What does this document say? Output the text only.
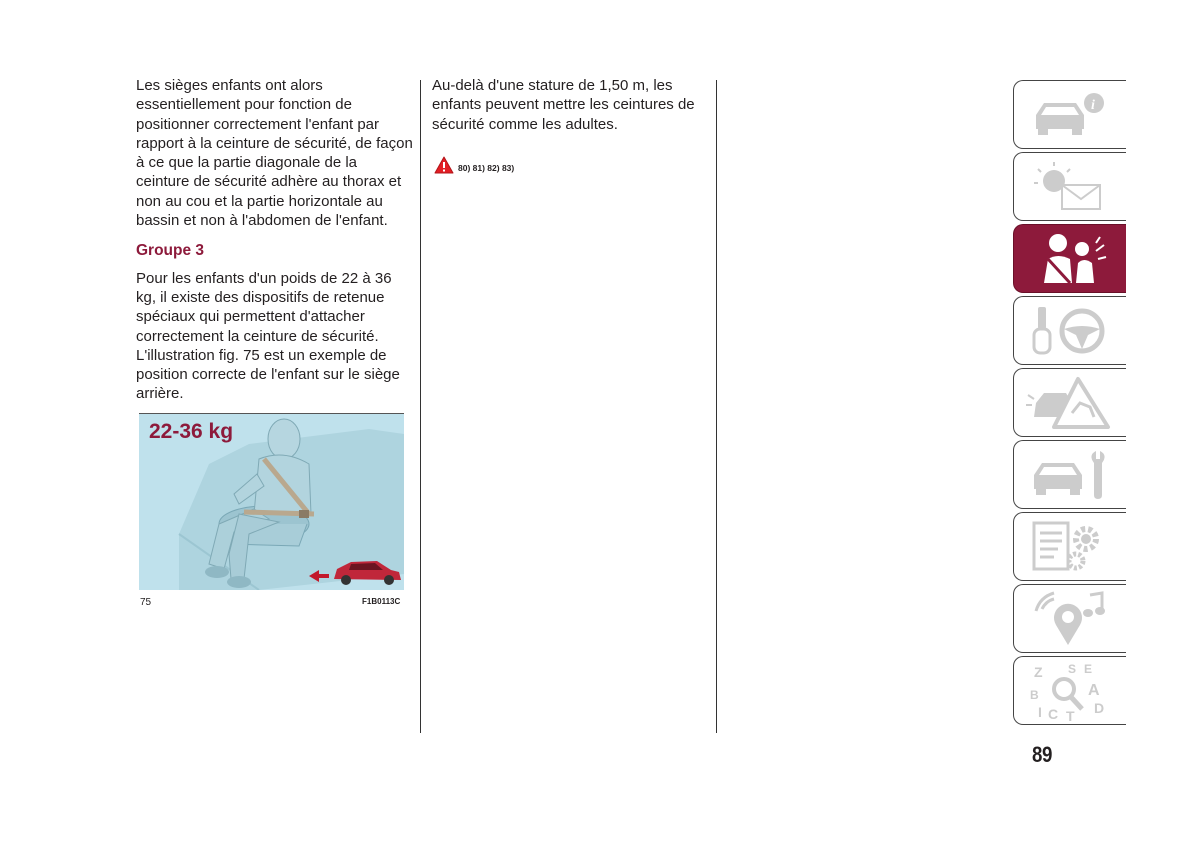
Les sièges enfants ont alors essentiellement pour fonction de positionner correctement l'enfant par rapport à la ceinture de sécurité, de façon à ce que la partie diagonale de la ceinture de sécurité adhère au thorax et non au cou et la partie horizontale au bassin et non à l'abdomen de l'enfant.

Groupe 3

Pour les enfants d'un poids de 22 à 36 kg, il existe des dispositifs de retenue spéciaux qui permettent d'attacher correctement la ceinture de sécurité. L'illustration fig. 75 est un exemple de position correcte de l'enfant sur le siège arrière.

22-36 kg
75	F1B0113C

Au-delà d'une stature de 1,50 m, les enfants peuvent mettre les ceintures de sécurité comme les adultes.

80) 81) 82) 83)
i
Z S E
B	A
I C T D
89
